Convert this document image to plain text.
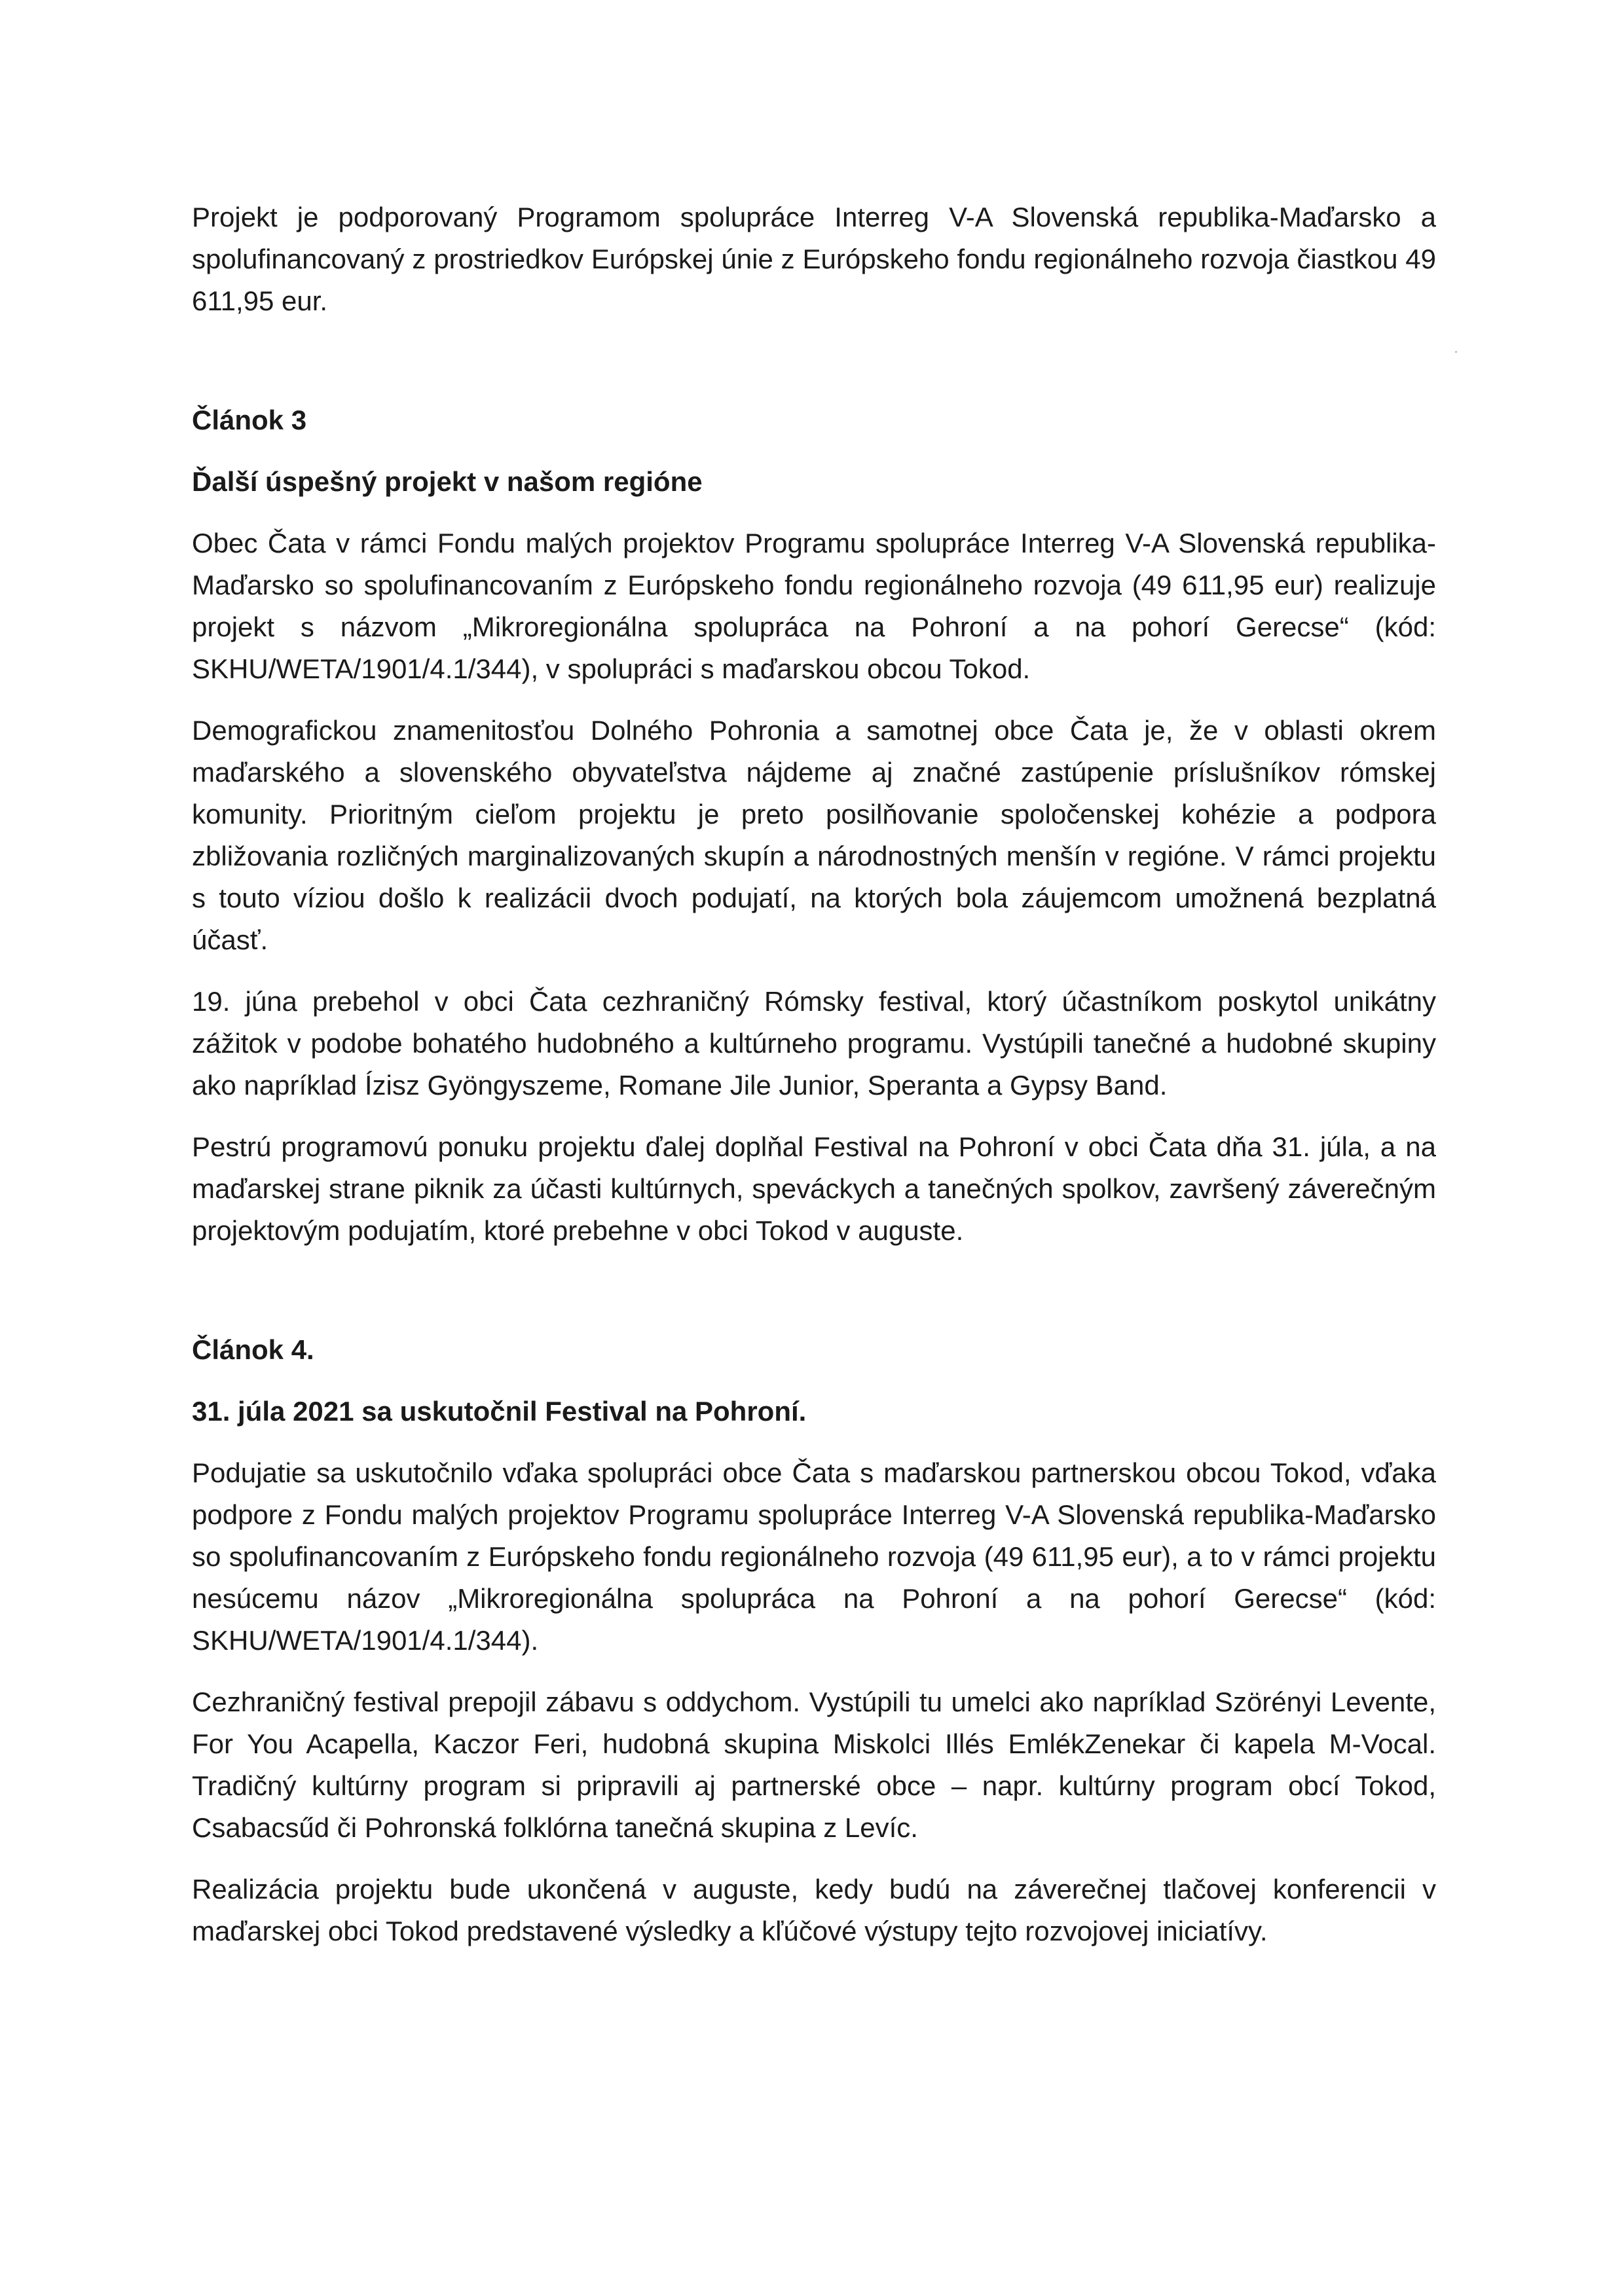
Projekt je podporovaný Programom spolupráce Interreg V-A Slovenská republika-Maďarsko a spolufinancovaný z prostriedkov Európskej únie z Európskeho fondu regionálneho rozvoja čiastkou 49 611,95 eur.

Článok 3

Ďalší úspešný projekt v našom regióne

Obec Čata v rámci Fondu malých projektov Programu spolupráce Interreg V-A Slovenská republika-Maďarsko so spolufinancovaním z Európskeho fondu regionálneho rozvoja (49 611,95 eur) realizuje projekt s názvom „Mikroregionálna spolupráca na Pohroní a na pohorí Gerecse“ (kód: SKHU/WETA/1901/4.1/344), v spolupráci s maďarskou obcou Tokod.

Demografickou znamenitosťou Dolného Pohronia a samotnej obce Čata je, že v oblasti okrem maďarského a slovenského obyvateľstva nájdeme aj značné zastúpenie príslušníkov rómskej komunity. Prioritným cieľom projektu je preto posilňovanie spoločenskej kohézie a podpora zbližovania rozličných marginalizovaných skupín a národnostných menšín v regióne. V rámci projektu s touto víziou došlo k realizácii dvoch podujatí, na ktorých bola záujemcom umožnená bezplatná účasť.

19. júna prebehol v obci Čata cezhraničný Rómsky festival, ktorý účastníkom poskytol unikátny zážitok v podobe bohatého hudobného a kultúrneho programu. Vystúpili tanečné a hudobné skupiny ako napríklad Ízisz Gyöngyszeme, Romane Jile Junior, Speranta a Gypsy Band.

Pestrú programovú ponuku projektu ďalej doplňal Festival na Pohroní v obci Čata dňa 31. júla, a na maďarskej strane piknik za účasti kultúrnych, speváckych a tanečných spolkov, završený záverečným projektovým podujatím, ktoré prebehne v obci Tokod v auguste.

Článok 4.

31. júla 2021 sa uskutočnil Festival na Pohroní.

Podujatie sa uskutočnilo vďaka spolupráci obce Čata s maďarskou partnerskou obcou Tokod, vďaka podpore z Fondu malých projektov Programu spolupráce Interreg V-A Slovenská republika-Maďarsko so spolufinancovaním z Európskeho fondu regionálneho rozvoja (49 611,95 eur), a to v rámci projektu nesúcemu názov „Mikroregionálna spolupráca na Pohroní a na pohorí Gerecse“ (kód: SKHU/WETA/1901/4.1/344).

Cezhraničný festival prepojil zábavu s oddychom. Vystúpili tu umelci ako napríklad Szörényi Levente, For You Acapella, Kaczor Feri, hudobná skupina Miskolci Illés EmlékZenekar či kapela M-Vocal. Tradičný kultúrny program si pripravili aj partnerské obce – napr. kultúrny program obcí Tokod, Csabacsűd či Pohronská folklórna tanečná skupina z Levíc.

Realizácia projektu bude ukončená v auguste, kedy budú na záverečnej tlačovej konferencii v maďarskej obci Tokod predstavené výsledky a kľúčové výstupy tejto rozvojovej iniciatívy.
